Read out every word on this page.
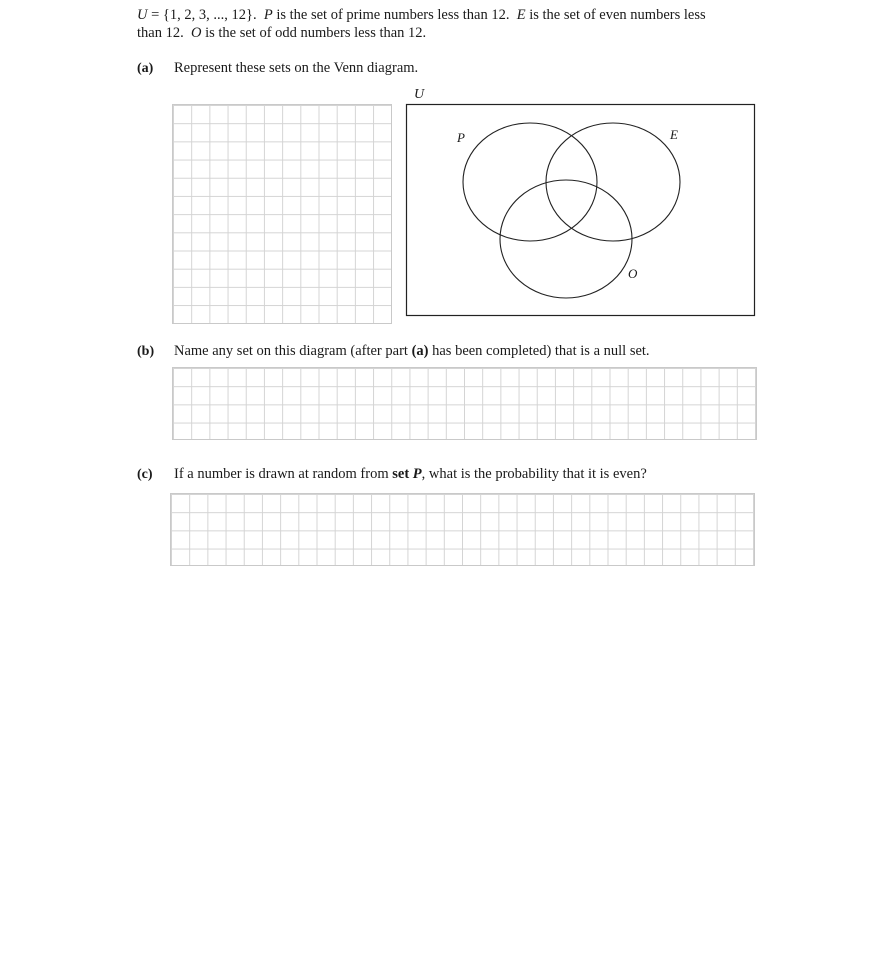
U = {1, 2, 3, ..., 12}.  P is the set of prime numbers less than 12.  E is the set of even numbers less
than 12.  O is the set of odd numbers less than 12.
(a) Represent these sets on the Venn diagram.
U
P	E
O
(b) Name any set on this diagram (after part (a) has been completed) that is a null set.
(c) If a number is drawn at random from set P, what is the probability that it is even?
